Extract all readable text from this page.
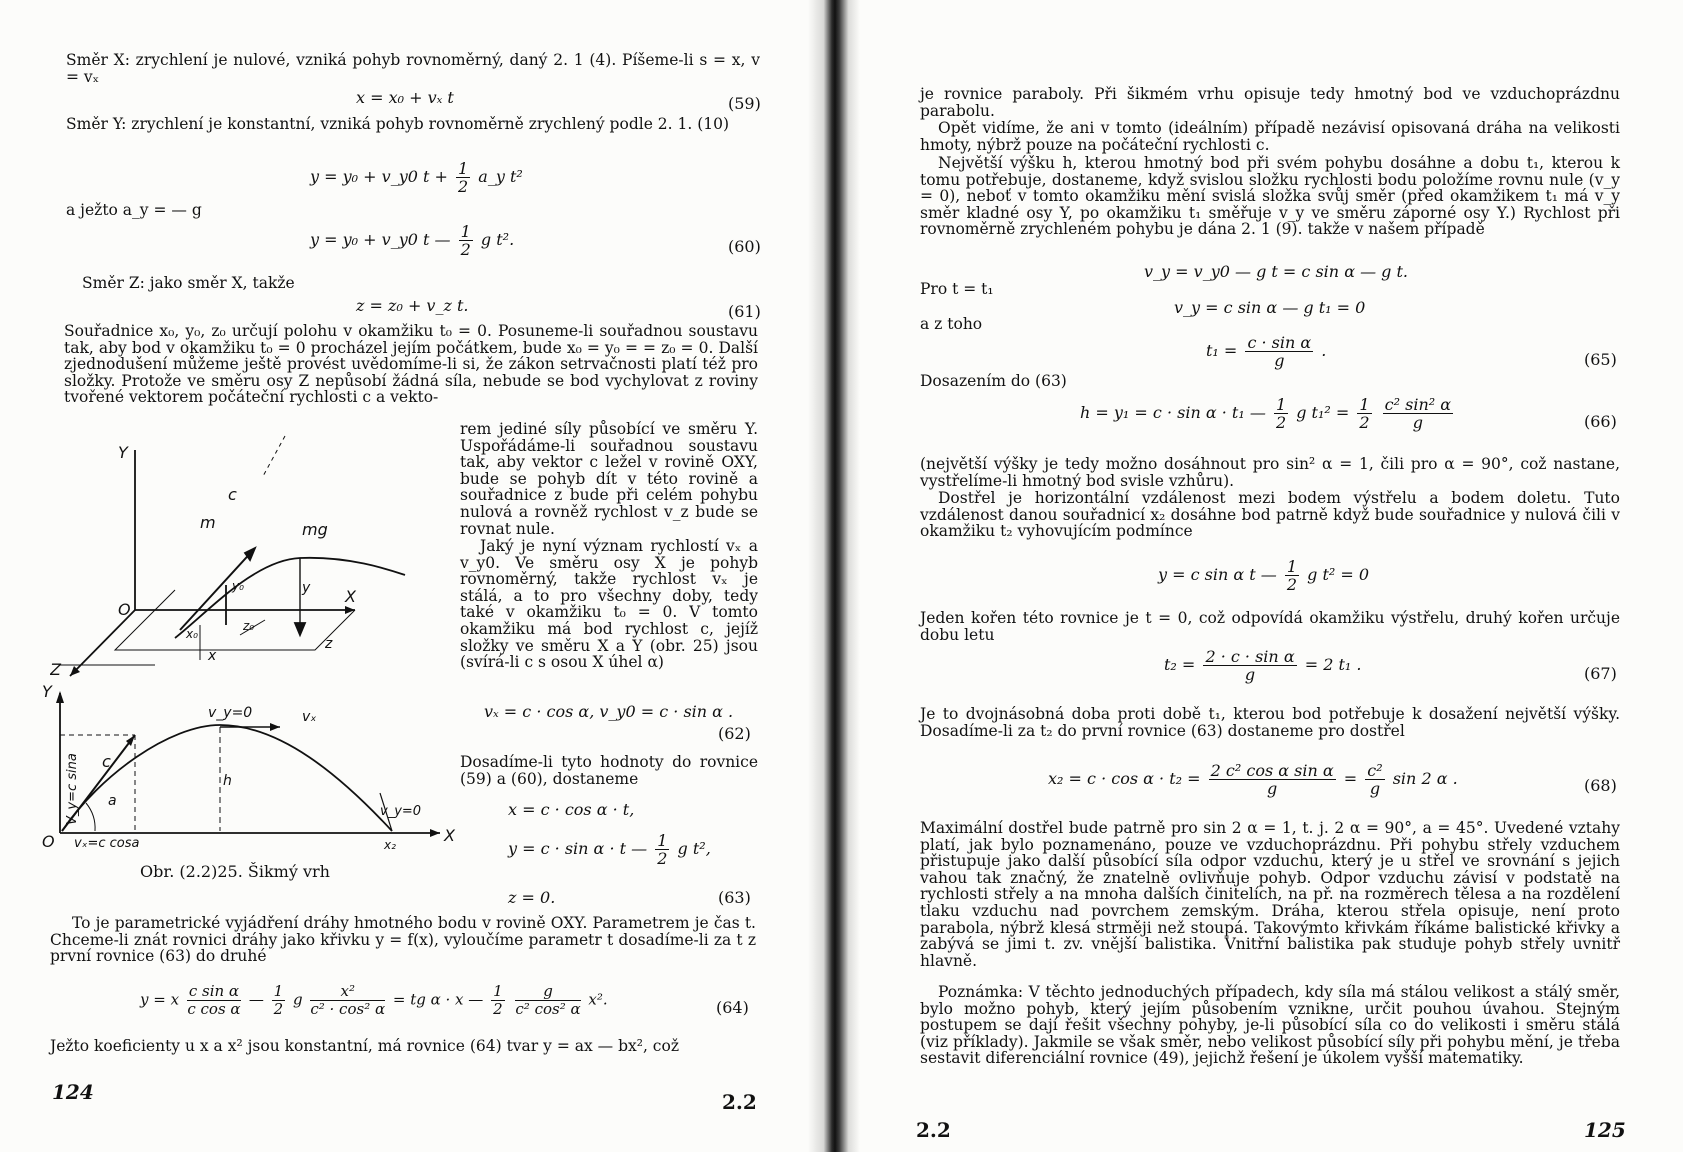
Směr X: zrychlení je nulové, vzniká pohyb rovnoměrný, daný 2. 1 (4). Píšeme-li s = x, v = vₓ
x = x₀ + vₓ t	(59)
Směr Y: zrychlení je konstantní, vzniká pohyb rovnoměrně zrychlený podle 2. 1. (10)
y = y₀ + v_y0 $t + \frac{1}{2}$ a_y t²
a ježto a_y = — g
y = y₀ + v_y0 t — $\frac{1}{2}$ g t².	(60)
Směr Z: jako směr X, takže
z = z₀ + v_z t.	(61)
Souřadnice x₀, y₀, z₀ určují polohu v okamžiku t₀ = 0. Posuneme-li souřadnou soustavu tak, aby bod v okamžiku t₀ = 0 procházel jejím počátkem, bude x₀ = y₀ = = z₀ = 0. Další zjednodušení můžeme ještě provést uvědomíme-li si, že zákon setrvačnosti platí též pro složky. Protože ve směru osy Z nepůsobí žádná síla, nebude se bod vychylovat z roviny tvořené vektorem počáteční rychlosti c a vekto-
rem jediné síly působící ve směru Y. Uspořádáme-li souřadnou soustavu tak, aby vektor c ležel v rovině OXY, bude se pohyb dít v této rovině a souřadnice z bude při celém pohybu nulová a rovněž rychlost v_z bude se rovnat nule.
Jaký je nyní význam rychlostí vₓ a v_y0. Ve směru osy X je pohyb rovnoměrný, takže rychlost vₓ je stálá, a to pro všechny doby, tedy také v okamžiku t₀ = 0. V tomto okamžiku má bod rychlost c, jejíž složky ve směru X a Y (obr. 25) jsou (svírá-li c s osou X úhel α)
vₓ = c · cos α, v_y0 = c · sin α .
(62)
Dosadíme-li tyto hodnoty do rovnice (59) a (60), dostaneme
x = c · cos α · t,
y = c · sin α · t — $\frac{1}{2}$ g t²,
z = 0.	(63)
Y
c
m	mg
O
X
Z
y₀	y
x₀
z₀
x
z
Y
v_y=0	vₓ
c
a
h
V_y=c sina
vₓ=c cosa
O	X
x₂
v_y=0
Obr. (2.2)25. Šikmý vrh
To je parametrické vyjádření dráhy hmotného bodu v rovině OXY. Parametrem je čas t. Chceme-li znát rovnici dráhy jako křivku y = f(x), vyloučíme parametr t dosadíme-li za t z první rovnice (63) do druhé
y = x $\frac{\text{c sin α}}{\text{c cos α}}$ — $\frac{1}{2}$ g $\frac{\text{x²}}{\text{c² · cos² α}}$ = tg α · x — $\frac{1}{2}$
$\frac{g}{\text{c² cos² α}} x^2$.	(64)
Ježto koeficienty u x a x² jsou konstantní, má rovnice (64) tvar y = ax — bx², což
124	2.2
je rovnice paraboly. Při šikmém vrhu opisuje tedy hmotný bod ve vzduchoprázdnu parabolu.
Opět vidíme, že ani v tomto (ideálním) případě nezávisí opisovaná dráha na velikosti hmoty, nýbrž pouze na počáteční rychlosti c.
Největší výšku h, kterou hmotný bod při svém pohybu dosáhne a dobu t₁, kterou k tomu potřebuje, dostaneme, když svislou složku rychlosti bodu položíme rovnu nule (v_y = 0), neboť v tomto okamžiku mění svislá složka svůj směr (před okamžikem t₁ má v_y směr kladné osy Y, po okamžiku t₁ směřuje v_y ve směru záporné osy Y.) Rychlost při rovnoměrně zrychleném pohybu je dána 2. 1 (9). takže v našem případě
v_y = v_y0 — g t = c sin α — g t.
Pro t = t₁
v_y = c sin α — g t₁ = 0
a z toho
$t_1 = \frac{\text{c · sin α}}{g}$ .	(65)
Dosazením do (63)
h = y₁ = c · sin α · t₁ — $\frac{1}{2}$ g $t_1^2 = \frac{1}{2}$
$\frac{\text{c² sin² α}}{g}$	(66)
(největší výšky je tedy možno dosáhnout pro sin² α = 1, čili pro α = 90°, což nastane, vystřelíme-li hmotný bod svisle vzhůru).
Dostřel je horizontální vzdálenost mezi bodem výstřelu a bodem doletu. Tuto vzdálenost danou souřadnicí x₂ dosáhne bod patrně když bude souřadnice y nulová čili v okamžiku t₂ vyhovujícím podmínce
y = c sin α t — $\frac{1}{2}$ g t² = 0
Jeden kořen této rovnice je t = 0, což odpovídá okamžiku výstřelu, druhý kořen určuje dobu letu
$t_2 = \frac{\text{2 · c · sin α}}{g} = 2$ t₁ .	(67)
Je to dvojnásobná doba proti době t₁, kterou bod potřebuje k dosažení největší výšky. Dosadíme-li za t₂ do první rovnice (63) dostaneme pro dostřel
$x_2 = c \cdot \cos \alpha \cdot t_2 = \frac{\text{2 c² cos α sin α}}{g} = \frac{\text{c²}}{g}$ sin 2 α .	(68)
Maximální dostřel bude patrně pro sin 2 α = 1, t. j. 2 α = 90°, a = 45°. Uvedené vztahy platí, jak bylo poznamenáno, pouze ve vzduchoprázdnu. Při pohybu střely vzduchem přistupuje jako další působící síla odpor vzduchu, který je u střel ve srovnání s jejich vahou tak značný, že znatelně ovlivňuje pohyb. Odpor vzduchu závisí v podstatě na rychlosti střely a na mnoha dalších činitelích, na př. na rozměrech tělesa a na rozdělení tlaku vzduchu nad povrchem zemským. Dráha, kterou střela opisuje, není proto parabola, nýbrž klesá strměji než stoupá. Takovýmto křivkám říkáme balistické křivky a zabývá se jimi t. zv. vnější balistika. Vnitřní balistika pak studuje pohyb střely uvnitř hlavně.
Poznámka: V těchto jednoduchých případech, kdy síla má stálou velikost a stálý směr, bylo možno pohyb, který jejím působením vznikne, určit pouhou úvahou. Stejným postupem se dají řešit všechny pohyby, je-li působící síla co do velikosti i směru stálá (viz příklady). Jakmile se však směr, nebo velikost působící síly při pohybu mění, je třeba sestavit diferenciální rovnice (49), jejichž řešení je úkolem vyšší matematiky.
2.2	125
